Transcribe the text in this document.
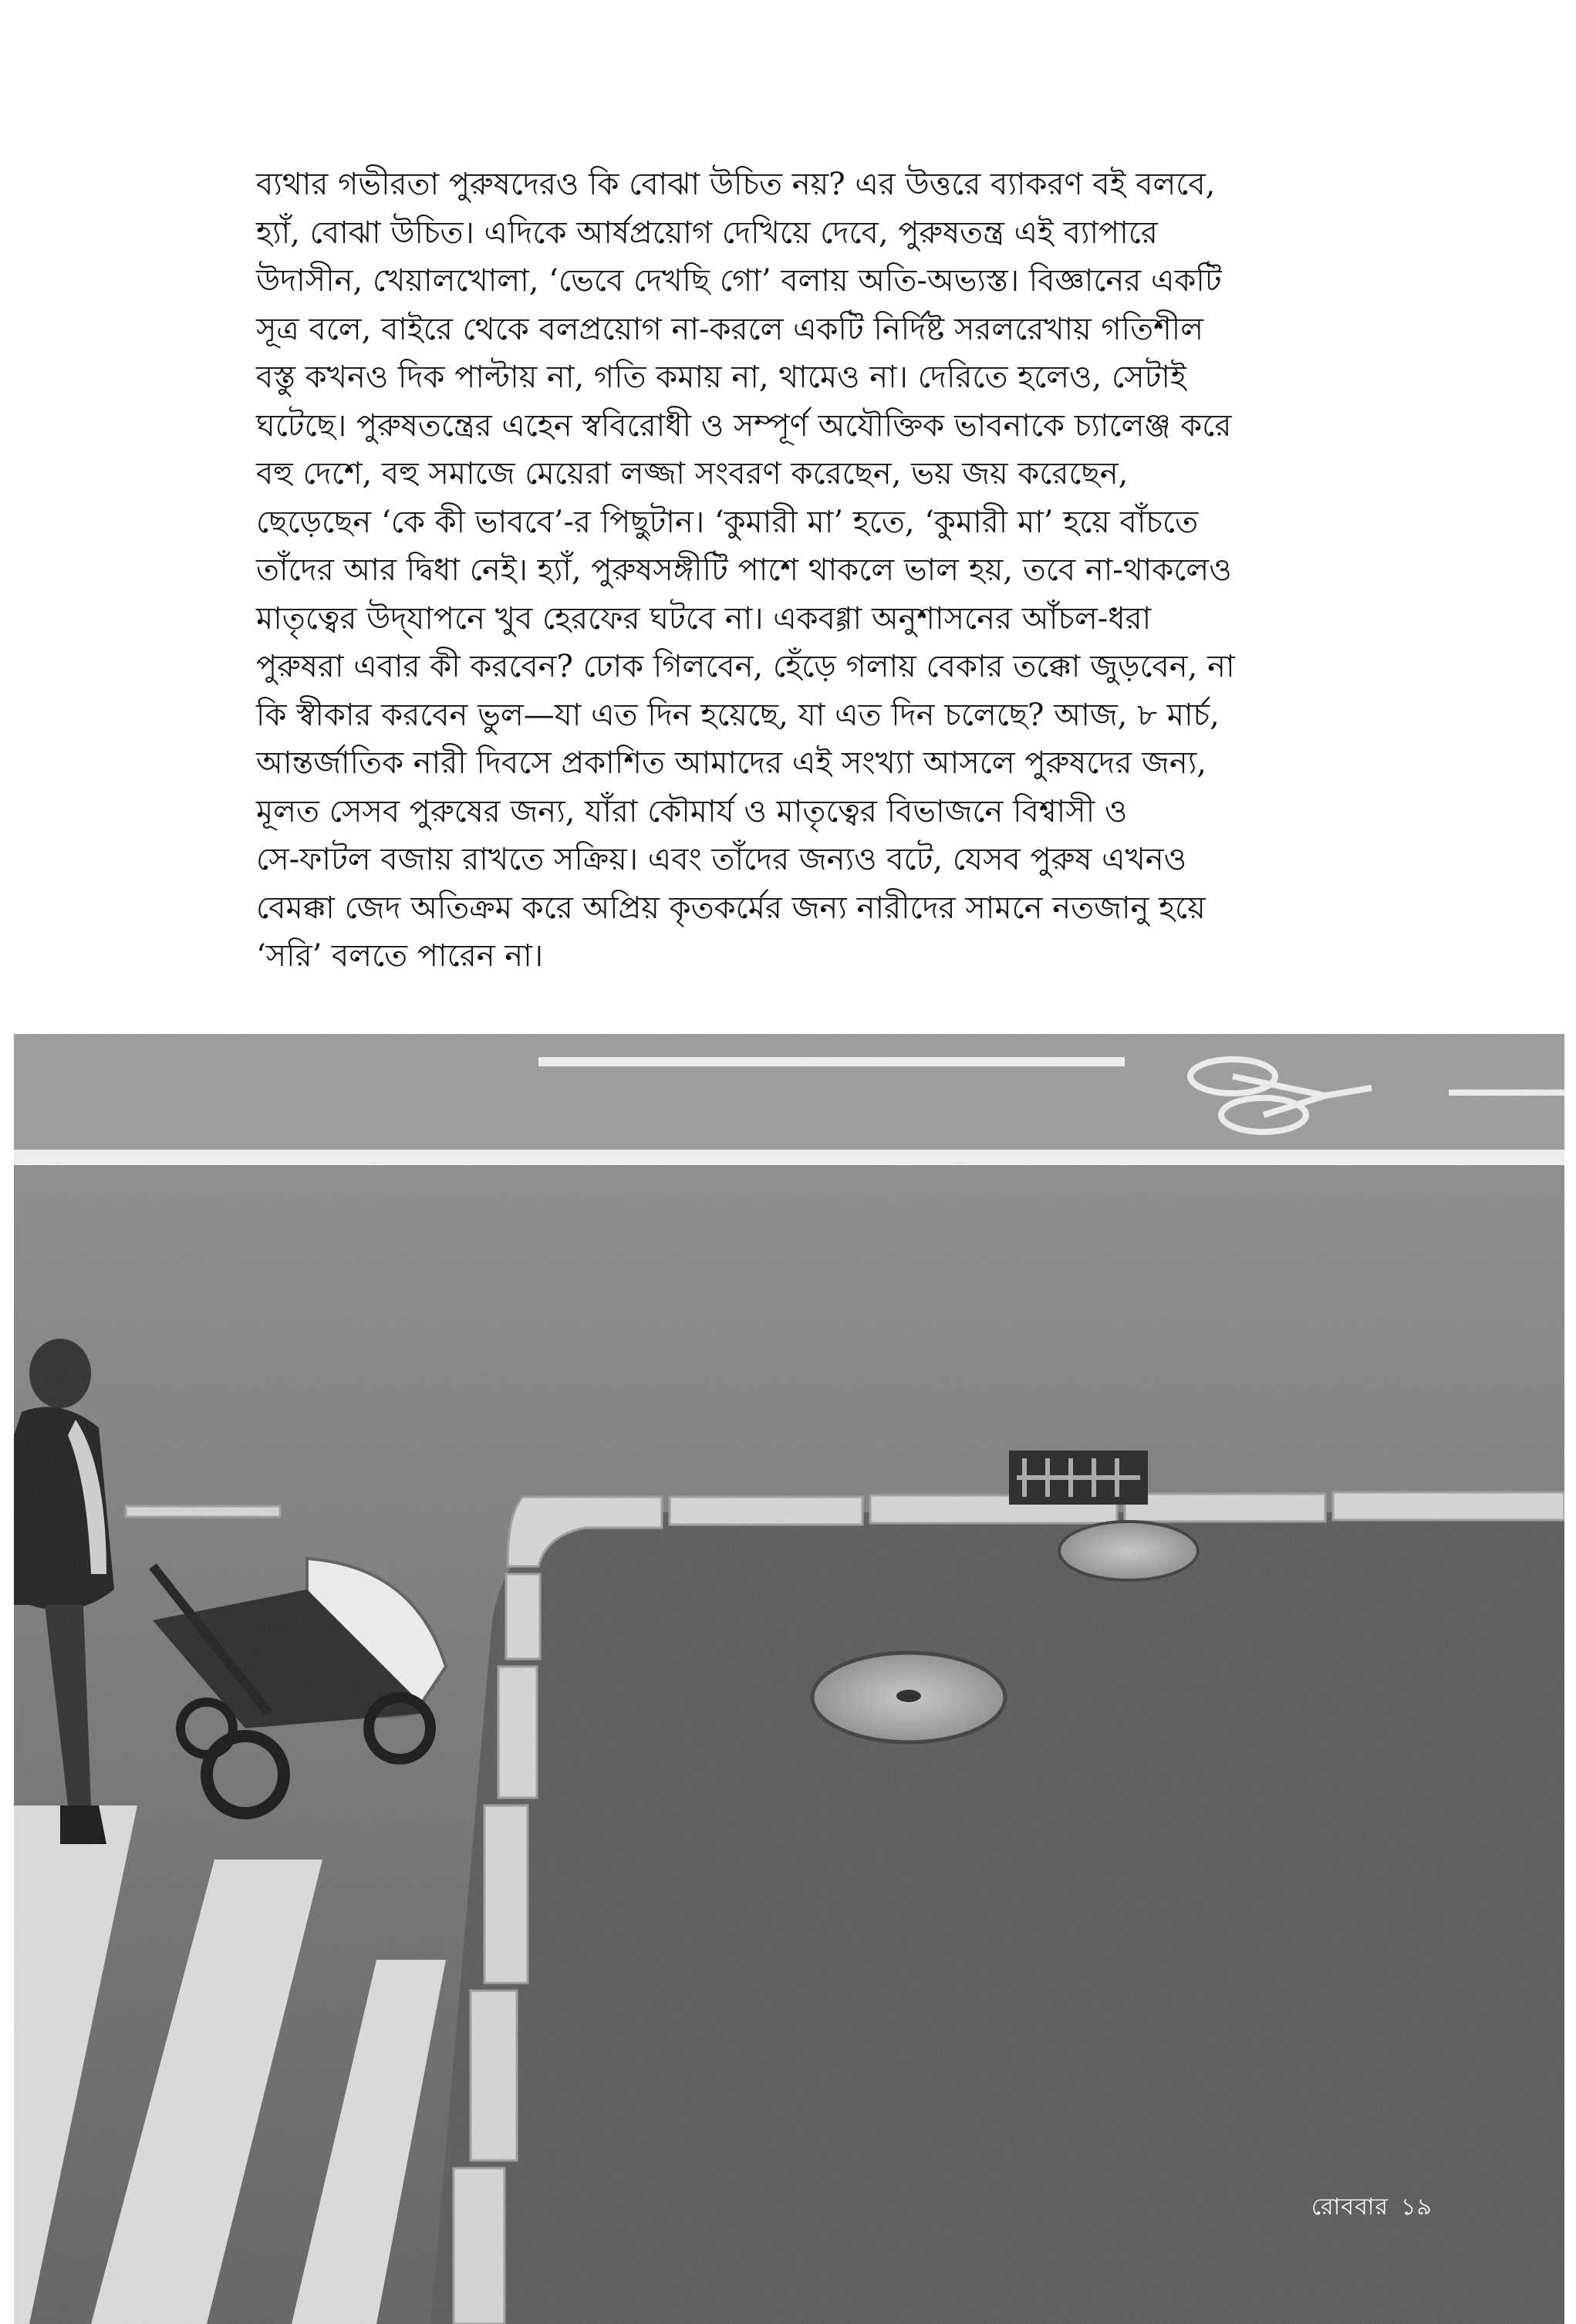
ব্যথার গভীরতা পুরুষদেরও কি বোঝা উচিত নয়? এর উত্তরে ব্যাকরণ বই বলবে,
হ্যাঁ, বোঝা উচিত। এদিকে আর্ষপ্রয়োগ দেখিয়ে দেবে, পুরুষতন্ত্র এই ব্যাপারে
উদাসীন, খেয়ালখোলা, ‘ভেবে দেখছি গো’ বলায় অতি-অভ্যস্ত। বিজ্ঞানের একটি
সূত্র বলে, বাইরে থেকে বলপ্রয়োগ না-করলে একটি নির্দিষ্ট সরলরেখায় গতিশীল
বস্তু কখনও দিক পাল্টায় না, গতি কমায় না, থামেও না। দেরিতে হলেও, সেটাই
ঘটেছে। পুরুষতন্ত্রের এহেন স্ববিরোধী ও সম্পূর্ণ অযৌক্তিক ভাবনাকে চ্যালেঞ্জ করে
বহু দেশে, বহু সমাজে মেয়েরা লজ্জা সংবরণ করেছেন, ভয় জয় করেছেন,
ছেড়েছেন ‘কে কী ভাববে’-র পিছুটান। ‘কুমারী মা’ হতে, ‘কুমারী মা’ হয়ে বাঁচতে
তাঁদের আর দ্বিধা নেই। হ্যাঁ, পুরুষসঙ্গীটি পাশে থাকলে ভাল হয়, তবে না-থাকলেও
মাতৃত্বের উদ্‌যাপনে খুব হেরফের ঘটবে না। একবগ্গা অনুশাসনের আঁচল-ধরা
পুরুষরা এবার কী করবেন? ঢোক গিলবেন, হেঁড়ে গলায় বেকার তক্কো জুড়বেন, না
কি স্বীকার করবেন ভুল—যা এত দিন হয়েছে, যা এত দিন চলেছে? আজ, ৮ মার্চ,
আন্তর্জাতিক নারী দিবসে প্রকাশিত আমাদের এই সংখ্যা আসলে পুরুষদের জন্য,
মূলত সেসব পুরুষের জন্য, যাঁরা কৌমার্য ও মাতৃত্বের বিভাজনে বিশ্বাসী ও
সে-ফাটল বজায় রাখতে সক্রিয়। এবং তাঁদের জন্যও বটে, যেসব পুরুষ এখনও
বেমক্কা জেদ অতিক্রম করে অপ্রিয় কৃতকর্মের জন্য নারীদের সামনে নতজানু হয়ে
‘সরি’ বলতে পারেন না।
রোববার ১৯
